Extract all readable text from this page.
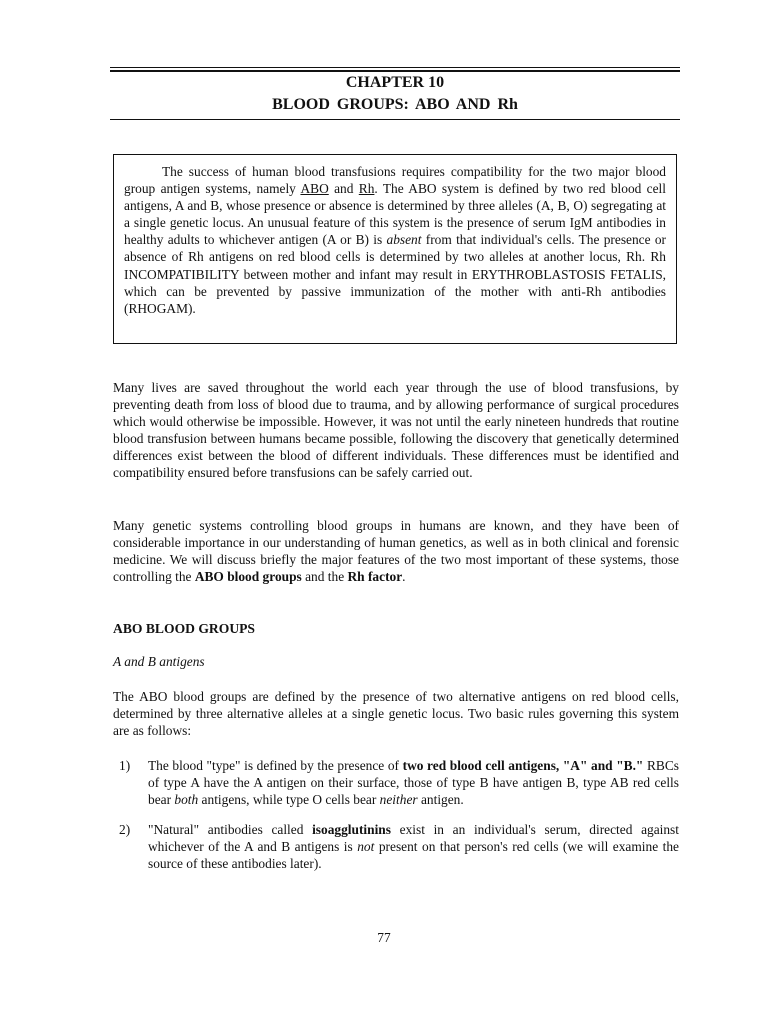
CHAPTER 10
BLOOD GROUPS: ABO AND Rh

The success of human blood transfusions requires compatibility for the two major blood group antigen systems, namely ABO and Rh. The ABO system is defined by two red blood cell antigens, A and B, whose presence or absence is determined by three alleles (A, B, O) segregating at a single genetic locus. An unusual feature of this system is the presence of serum IgM antibodies in healthy adults to whichever antigen (A or B) is absent from that individual's cells. The presence or absence of Rh antigens on red blood cells is determined by two alleles at another locus, Rh. Rh INCOMPATIBILITY between mother and infant may result in ERYTHROBLASTOSIS FETALIS, which can be prevented by passive immunization of the mother with anti-Rh antibodies (RHOGAM).

Many lives are saved throughout the world each year through the use of blood transfusions, by preventing death from loss of blood due to trauma, and by allowing performance of surgical procedures which would otherwise be impossible. However, it was not until the early nineteen hundreds that routine blood transfusion between humans became possible, following the discovery that genetically determined differences exist between the blood of different individuals. These differences must be identified and compatibility ensured before transfusions can be safely carried out.

Many genetic systems controlling blood groups in humans are known, and they have been of considerable importance in our understanding of human genetics, as well as in both clinical and forensic medicine. We will discuss briefly the major features of the two most important of these systems, those controlling the ABO blood groups and the Rh factor.

ABO BLOOD GROUPS
A and B antigens

The ABO blood groups are defined by the presence of two alternative antigens on red blood cells, determined by three alternative alleles at a single genetic locus. Two basic rules governing this system are as follows:

1) The blood "type" is defined by the presence of two red blood cell antigens, "A" and "B." RBCs of type A have the A antigen on their surface, those of type B have antigen B, type AB red cells bear both antigens, while type O cells bear neither antigen.
2) "Natural" antibodies called isoagglutinins exist in an individual's serum, directed against whichever of the A and B antigens is not present on that person's red cells (we will examine the source of these antibodies later).
77
